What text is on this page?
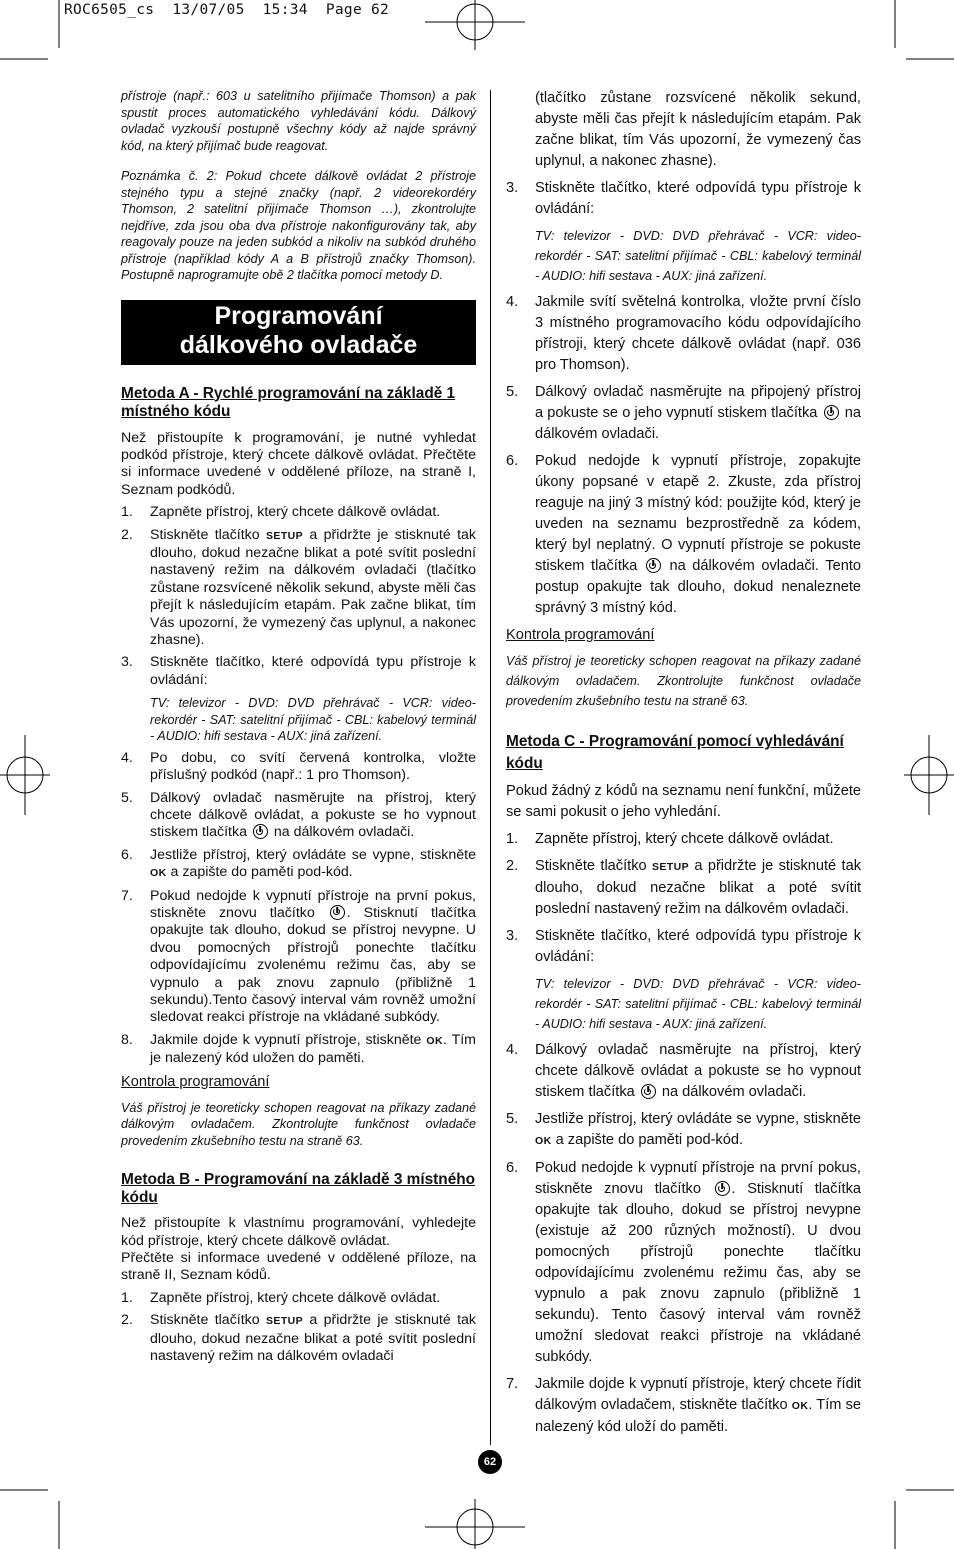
ROC6505_cs  13/07/05  15:34  Page 62

přístroje (např.: 603 u satelitního přijímače Thomson) a pak spustit proces automatického vyhledávání kódu. Dálkový ovladač vyzkouší postupně všechny kódy až najde správný kód, na který přijímač bude reagovat.

Poznámka č. 2: Pokud chcete dálkově ovládat 2 přístroje stejného typu a stejné značky (např. 2 videorekordéry Thomson, 2 satelitní přijímače Thomson …), zkontrolujte nejdříve, zda jsou oba dva přístroje nakonfigurovány tak, aby reagovaly pouze na jeden subkód a nikoliv na subkód druhého přístroje (například kódy A a B přístrojů značky Thomson). Postupně naprogramujte obě 2 tlačítka pomocí metody D.

Programování
dálkového ovladače

Metoda A - Rychlé programování na základě 1 místného kódu

Než přistoupíte k programování, je nutné vyhledat podkód přístroje, který chcete dálkově ovládat. Přečtěte si informace uvedené v oddělené příloze, na straně I, Seznam podkódů.

1. Zapněte přístroj, který chcete dálkově ovládat.
2. Stiskněte tlačítko SETUP a přidržte je stisknuté tak dlouho, dokud nezačne blikat a poté svítit poslední nastavený režim na dálkovém ovladači (tlačítko zůstane rozsvícené několik sekund, abyste měli čas přejít k následujícím etapám. Pak začne blikat, tím Vás upozorní, že vymezený čas uplynul, a nakonec zhasne).
3. Stiskněte tlačítko, které odpovídá typu přístroje k ovládání:

TV: televizor - DVD: DVD přehrávač - VCR: video-rekordér - SAT: satelitní přijímač - CBL: kabelový terminál - AUDIO: hifi sestava - AUX: jiná zařízení.

4. Po dobu, co svítí červená kontrolka, vložte příslušný podkód (např.: 1 pro Thomson).
5. Dálkový ovladač nasměrujte na přístroj, který chcete dálkově ovládat, a pokuste se ho vypnout stiskem tlačítka  na dálkovém ovladači.
6. Jestliže přístroj, který ovládáte se vypne, stiskněte OK a zapište do paměti pod-kód.
7. Pokud nedojde k vypnutí přístroje na první pokus, stiskněte znovu tlačítko . Stisknutí tlačítka opakujte tak dlouho, dokud se přístroj nevypne. U dvou pomocných přístrojů ponechte tlačítku odpovídajícímu zvolenému režimu čas, aby se vypnulo a pak znovu zapnulo (přibližně 1 sekundu).Tento časový interval vám rovněž umožní sledovat reakci přístroje na vkládané subkódy.
8. Jakmile dojde k vypnutí přístroje, stiskněte OK. Tím je nalezený kód uložen do paměti.

Kontrola programování

Váš přístroj je teoreticky schopen reagovat na příkazy zadané dálkovým ovladačem. Zkontrolujte funkčnost ovladače provedením zkušebního testu na straně 63.

Metoda B - Programování na základě 3 místného kódu

Než přistoupíte k vlastnímu programování, vyhledejte kód přístroje, který chcete dálkově ovládat.

Přečtěte si informace uvedené v oddělené příloze, na straně II, Seznam kódů.

1. Zapněte přístroj, který chcete dálkově ovládat.
2. Stiskněte tlačítko SETUP a přidržte je stisknuté tak dlouho, dokud nezačne blikat a poté svítit poslední nastavený režim na dálkovém ovladači

(tlačítko zůstane rozsvícené několik sekund, abyste měli čas přejít k následujícím etapám. Pak začne blikat, tím Vás upozorní, že vymezený čas uplynul, a nakonec zhasne).

3. Stiskněte tlačítko, které odpovídá typu přístroje k ovládání:

TV: televizor - DVD: DVD přehrávač - VCR: video-rekordér - SAT: satelitní přijímač - CBL: kabelový terminál - AUDIO: hifi sestava - AUX: jiná zařízení.

4. Jakmile svítí světelná kontrolka, vložte první číslo 3 místného programovacího kódu odpovídajícího přístroji, který chcete dálkově ovládat (např. 036 pro Thomson).
5. Dálkový ovladač nasměrujte na připojený přístroj a pokuste se o jeho vypnutí stiskem tlačítka  na dálkovém ovladači.
6. Pokud nedojde k vypnutí přístroje, zopakujte úkony popsané v etapě 2. Zkuste, zda přístroj reaguje na jiný 3 místný kód: použijte kód, který je uveden na seznamu bezprostředně za kódem, který byl neplatný. O vypnutí přístroje se pokuste stiskem tlačítka  na dálkovém ovladači. Tento postup opakujte tak dlouho, dokud nenaleznete správný 3 místný kód.

Kontrola programování

Váš přístroj je teoreticky schopen reagovat na příkazy zadané dálkovým ovladačem. Zkontrolujte funkčnost ovladače provedením zkušebního testu na straně 63.

Metoda C - Programování pomocí vyhledávání kódu

Pokud žádný z kódů na seznamu není funkční, můžete se sami pokusit o jeho vyhledání.

1. Zapněte přístroj, který chcete dálkově ovládat.
2. Stiskněte tlačítko SETUP a přidržte je stisknuté tak dlouho, dokud nezačne blikat a poté svítit poslední nastavený režim na dálkovém ovladači.
3. Stiskněte tlačítko, které odpovídá typu přístroje k ovládání:

TV: televizor - DVD: DVD přehrávač - VCR: video-rekordér - SAT: satelitní přijímač - CBL: kabelový terminál - AUDIO: hifi sestava - AUX: jiná zařízení.

4. Dálkový ovladač nasměrujte na přístroj, který chcete dálkově ovládat a pokuste se ho vypnout stiskem tlačítka  na dálkovém ovladači.
5. Jestliže přístroj, který ovládáte se vypne, stiskněte OK a zapište do paměti pod-kód.
6. Pokud nedojde k vypnutí přístroje na první pokus, stiskněte znovu tlačítko . Stisknutí tlačítka opakujte tak dlouho, dokud se přístroj nevypne (existuje až 200 různých možností). U dvou pomocných přístrojů ponechte tlačítku odpovídajícímu zvolenému režimu čas, aby se vypnulo a pak znovu zapnulo (přibližně 1 sekundu). Tento časový interval vám rovněž umožní sledovat reakci přístroje na vkládané subkódy.
7. Jakmile dojde k vypnutí přístroje, který chcete řídit dálkovým ovladačem, stiskněte tlačítko OK. Tím se nalezený kód uloží do paměti.
62
